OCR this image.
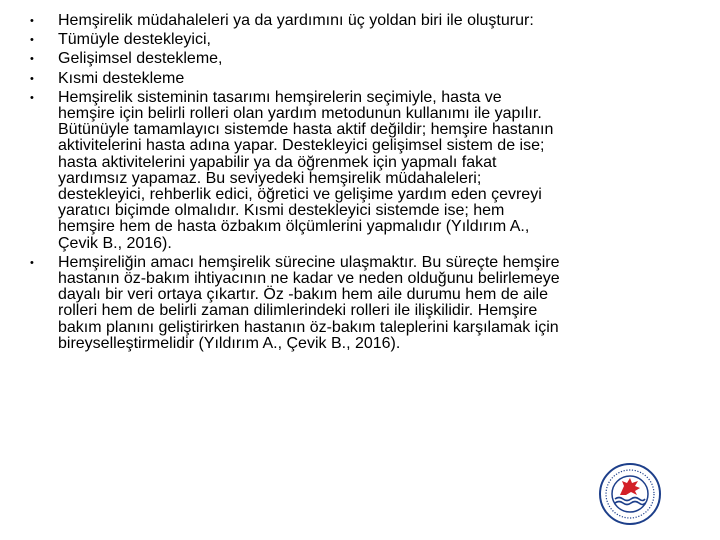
• Hemşirelik müdahaleleri ya da yardımını üç yoldan biri ile oluşturur:
• Tümüyle destekleyici,
• Gelişimsel destekleme,
• Kısmi destekleme
• Hemşirelik sisteminin tasarımı hemşirelerin seçimiyle, hasta ve hemşire için belirli rolleri olan yardım metodunun kullanımı ile yapılır. Bütünüyle tamamlayıcı sistemde hasta aktif değildir; hemşire hastanın aktivitelerini hasta adına yapar. Destekleyici gelişimsel sistem de ise; hasta aktivitelerini yapabilir ya da öğrenmek için yapmalı fakat yardımsız yapamaz. Bu seviyedeki hemşirelik müdahaleleri; destekleyici, rehberlik edici, öğretici ve gelişime yardım eden çevreyi yaratıcı biçimde olmalıdır. Kısmi destekleyici sistemde ise; hem hemşire hem de hasta özbakım ölçümlerini yapmalıdır (Yıldırım A., Çevik B., 2016).
• Hemşireliğin amacı hemşirelik sürecine ulaşmaktır. Bu süreçte hemşire hastanın öz-bakım ihtiyacının ne kadar ve neden olduğunu belirlemeye dayalı bir veri ortaya çıkartır. Öz -bakım hem aile durumu hem de aile rolleri hem de belirli zaman dilimlerindeki rolleri ile ilişkilidir. Hemşire bakım planını geliştirirken hastanın öz-bakım taleplerini karşılamak için bireyselleştirmelidir (Yıldırım A., Çevik B., 2016).
